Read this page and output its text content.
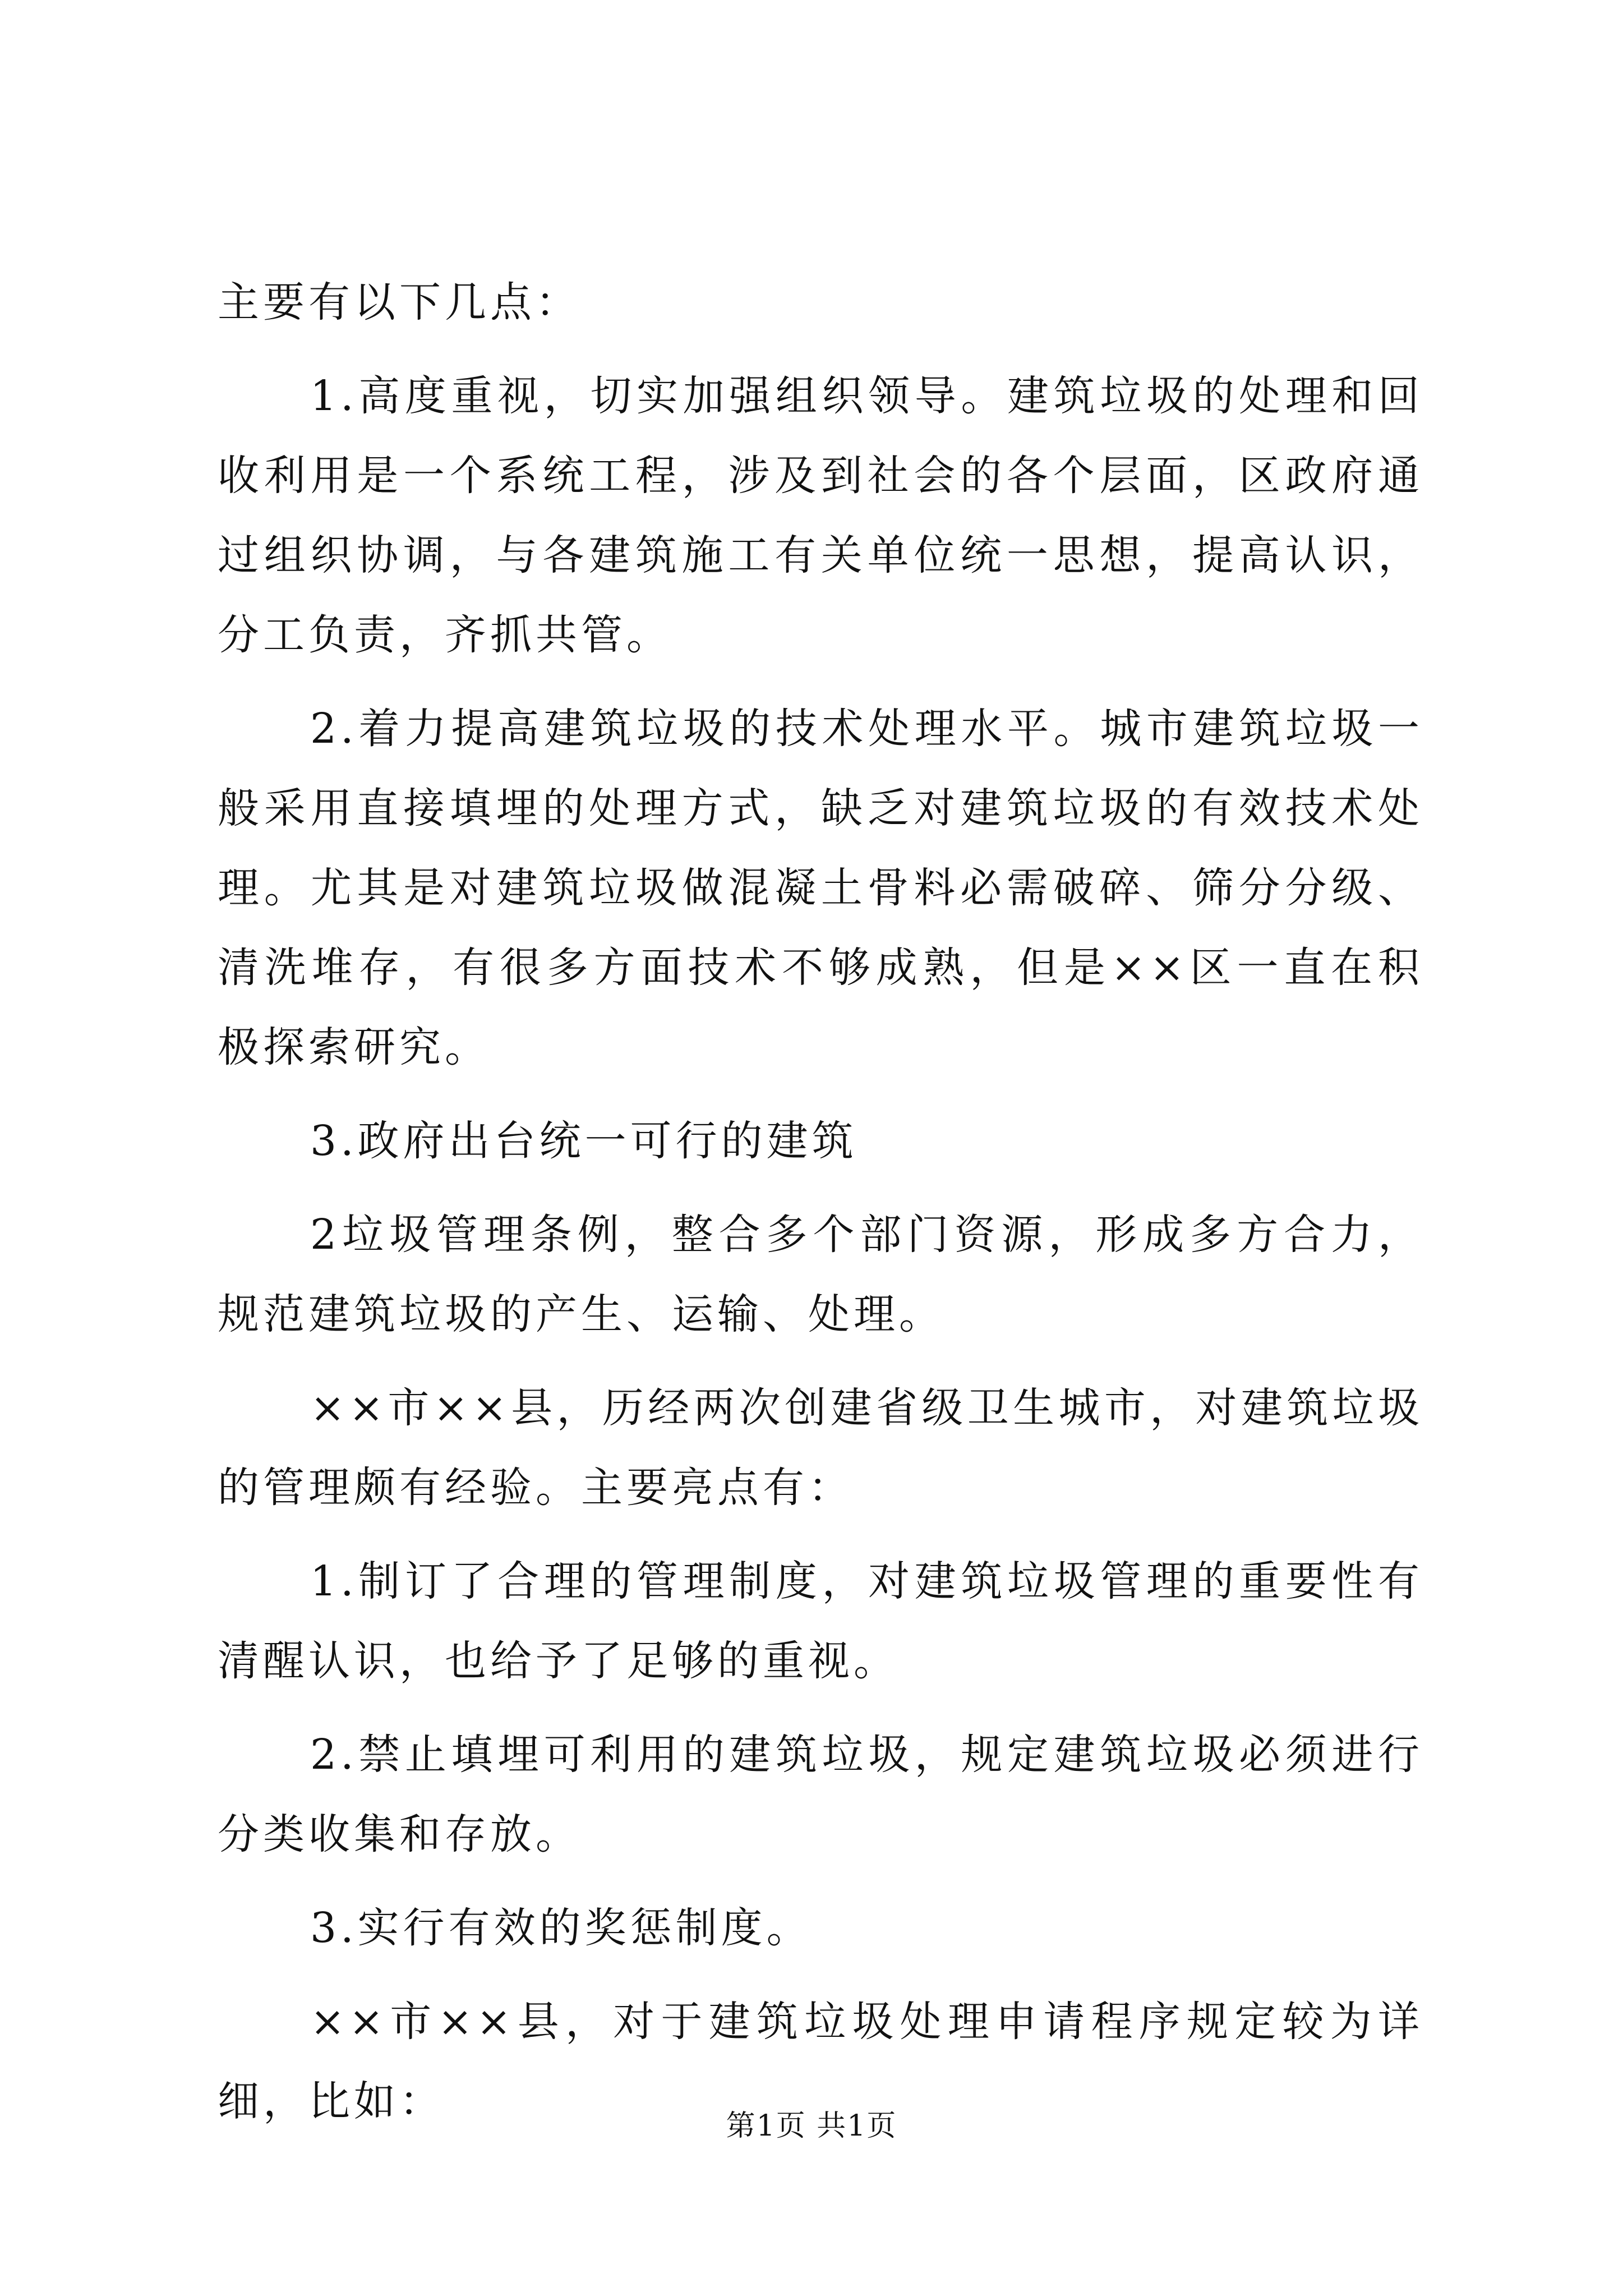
主要有以下几点：

1.高度重视，切实加强组织领导。建筑垃圾的处理和回收利用是一个系统工程，涉及到社会的各个层面，区政府通过组织协调，与各建筑施工有关单位统一思想，提高认识，分工负责，齐抓共管。

2.着力提高建筑垃圾的技术处理水平。城市建筑垃圾一般采用直接填埋的处理方式，缺乏对建筑垃圾的有效技术处理。尤其是对建筑垃圾做混凝土骨料必需破碎、筛分分级、清洗堆存，有很多方面技术不够成熟，但是××区一直在积极探索研究。

3.政府出台统一可行的建筑

2垃圾管理条例，整合多个部门资源，形成多方合力，规范建筑垃圾的产生、运输、处理。

××市××县，历经两次创建省级卫生城市，对建筑垃圾的管理颇有经验。主要亮点有：

1.制订了合理的管理制度，对建筑垃圾管理的重要性有清醒认识，也给予了足够的重视。

2.禁止填埋可利用的建筑垃圾，规定建筑垃圾必须进行分类收集和存放。

3.实行有效的奖惩制度。

××市××县，对于建筑垃圾处理申请程序规定较为详细，比如：

第1页 共1页
